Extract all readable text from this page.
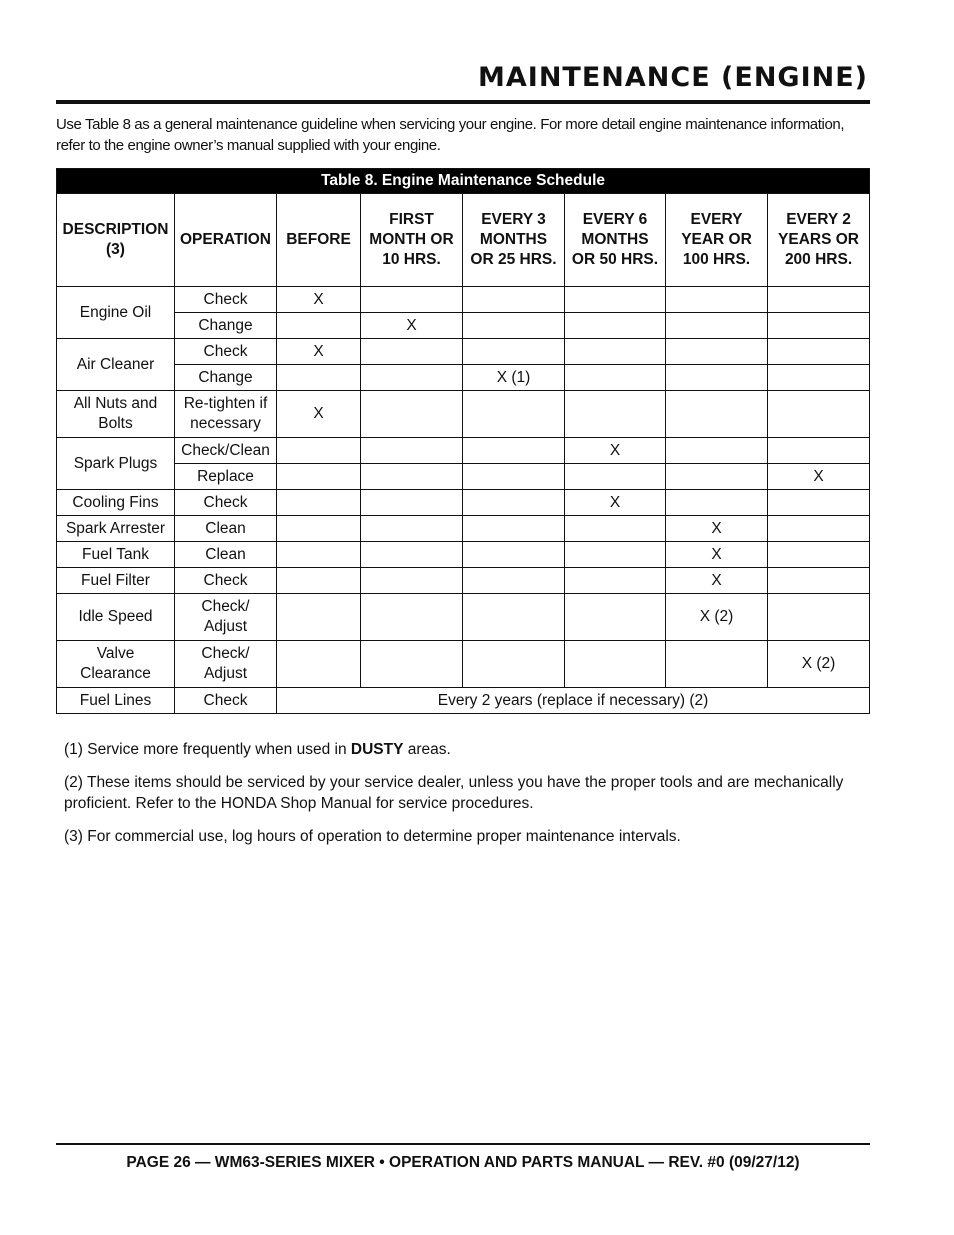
MAINTENANCE (ENGINE)
Use Table 8 as a general maintenance guideline when servicing your engine. For more detail engine maintenance information, refer to the engine owner’s manual supplied with your engine.
Table 8. Engine Maintenance Schedule							
DESCRIPTION (3)	OPERATION	BEFORE	FIRST MONTH OR 10 HRS.	EVERY 3 MONTHS OR 25 HRS.	EVERY 6 MONTHS OR 50 HRS.	EVERY YEAR OR 100 HRS.	EVERY 2 YEARS OR 200 HRS.
Engine Oil	Check	X					
	Change		X				
Air Cleaner	Check	X					
	Change			X (1)			
All Nuts and Bolts	Re-tighten if necessary	X					
Spark Plugs	Check/Clean				X		
	Replace						X
Cooling Fins	Check				X		
Spark Arrester	Clean					X	
Fuel Tank	Clean					X	
Fuel Filter	Check					X	
Idle Speed	Check/ Adjust					X (2)	
Valve Clearance	Check/ Adjust						X (2)
Fuel Lines	Check	Every 2 years (replace if necessary) (2)					

(1) Service more frequently when used in DUSTY areas.

(2) These items should be serviced by your service dealer, unless you have the proper tools and are mechanically proficient. Refer to the HONDA Shop Manual for service procedures.

(3) For commercial use, log hours of operation to determine proper maintenance intervals.

PAGE 26 — WM63-SERIES MIXER • OPERATION AND PARTS MANUAL — REV. #0 (09/27/12)
